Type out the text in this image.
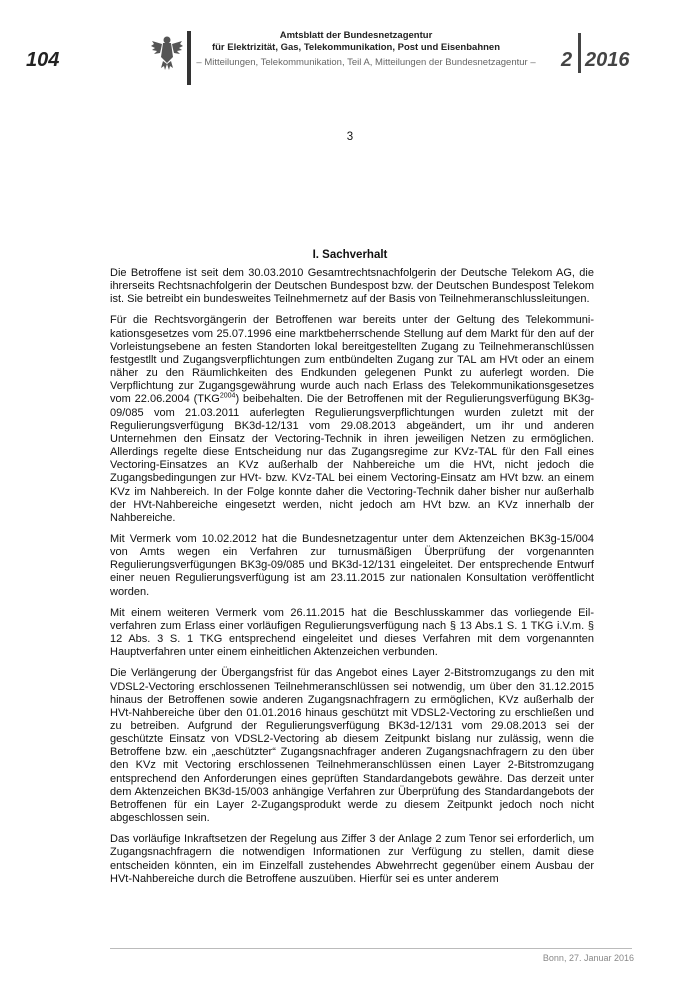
104
Amtsblatt der Bundesnetzagentur
für Elektrizität, Gas, Telekommunikation, Post und Eisenbahnen
– Mitteilungen, Telekommunikation, Teil A, Mitteilungen der Bundesnetzagentur – 2 2016
3
I. Sachverhalt

Die Betroffene ist seit dem 30.03.2010 Gesamtrechtsnachfolgerin der Deutsche Telekom AG, die ihrerseits Rechtsnachfolgerin der Deutschen Bundespost bzw. der Deutschen Bundespost Telekom ist. Sie betreibt ein bundesweites Teilnehmernetz auf der Basis von Teilnehmeranschlussleitungen.

Für die Rechtsvorgängerin der Betroffenen war bereits unter der Geltung des Telekommunikationsgesetzes vom 25.07.1996 eine marktbeherrschende Stellung auf dem Markt für den auf der Vorleistungsebene an festen Standorten lokal bereitgestellten Zugang zu Teilnehmeranschlüssen festgestllt und Zugangsverpflichtungen zum entbündelten Zugang zur TAL am HVt oder an einem näher zu den Räumlichkeiten des Endkunden gelegenen Punkt zu auferlegt worden. Die Verpflichtung zur Zugangsgewährung wurde auch nach Erlass des Telekommunikationsgesetzes vom 22.06.2004 $(TKG^{2004})$ beibehalten. Die der Betroffenen mit der Regulierungsverfügung BK3g-09/085 vom 21.03.2011 auferlegten Regulierungsverpflichtungen wurden zuletzt mit der Regulierungsverfügung BK3d-12/131 vom 29.08.2013 abgeändert, um ihr und anderen Unternehmen den Einsatz der Vectoring-Technik in ihren jeweiligen Netzen zu ermöglichen. Allerdings regelte diese Entscheidung nur das Zugangsregime zur KVz-TAL für den Fall eines Vectoring-Einsatzes an KVz außerhalb der Nahbereiche um die HVt, nicht jedoch die Zugangsbedingungen zur HVt- bzw. KVz-TAL bei einem Vectoring-Einsatz am HVt bzw. an einem KVz im Nahbereich. In der Folge konnte daher die Vectoring-Technik daher bisher nur außerhalb der HVt-Nahbereiche eingesetzt werden, nicht jedoch am HVt bzw. an KVz innerhalb der Nahbereiche.

Mit Vermerk vom 10.02.2012 hat die Bundesnetzagentur unter dem Aktenzeichen BK3g-15/004 von Amts wegen ein Verfahren zur turnusmäßigen Überprüfung der vorgenannten Regulierungsverfügungen BK3g-09/085 und BK3d-12/131 eingeleitet. Der entsprechende Entwurf einer neuen Regulierungsverfügung ist am 23.11.2015 zur nationalen Konsultation veröffentlicht worden.

Mit einem weiteren Vermerk vom 26.11.2015 hat die Beschlusskammer das vorliegende Eilverfahren zum Erlass einer vorläufigen Regulierungsverfügung nach § 13 Abs.1 S. 1 TKG i.V.m. § 12 Abs. 3 S. 1 TKG entsprechend eingeleitet und dieses Verfahren mit dem vorgenannten Hauptverfahren unter einem einheitlichen Aktenzeichen verbunden.

Die Verlängerung der Übergangsfrist für das Angebot eines Layer 2-Bitstromzugangs zu den mit VDSL2-Vectoring erschlossenen Teilnehmeranschlüssen sei notwendig, um über den 31.12.2015 hinaus der Betroffenen sowie anderen Zugangsnachfragern zu ermöglichen, KVz außerhalb der HVt-Nahbereiche über den 01.01.2016 hinaus geschützt mit VDSL2-Vectoring zu erschließen und zu betreiben. Aufgrund der Regulierungsverfügung BK3d-12/131 vom 29.08.2013 sei der geschützte Einsatz von VDSL2-Vectoring ab diesem Zeitpunkt bislang nur zulässig, wenn die Betroffene bzw. ein „aeschützter“ Zugangsnachfrager anderen Zugangsnachfragern zu den über den KVz mit Vectoring erschlossenen Teilnehmeranschlüssen einen Layer 2-Bitstromzugang entsprechend den Anforderungen eines geprüften Standardangebots gewähre. Das derzeit unter dem Aktenzeichen BK3d-15/003 anhängige Verfahren zur Überprüfung des Standardangebots der Betroffenen für ein Layer 2-Zugangsprodukt werde zu diesem Zeitpunkt jedoch noch nicht abgeschlossen sein.

Das vorläufige Inkraftsetzen der Regelung aus Ziffer 3 der Anlage 2 zum Tenor sei erforderlich, um Zugangsnachfragern die notwendigen Informationen zur Verfügung zu stellen, damit diese entscheiden könnten, ein im Einzelfall zustehendes Abwehrrecht gegenüber einem Ausbau der HVt-Nahbereiche durch die Betroffene auszuüben. Hierfür sei es unter anderem

Bonn, 27. Januar 2016
